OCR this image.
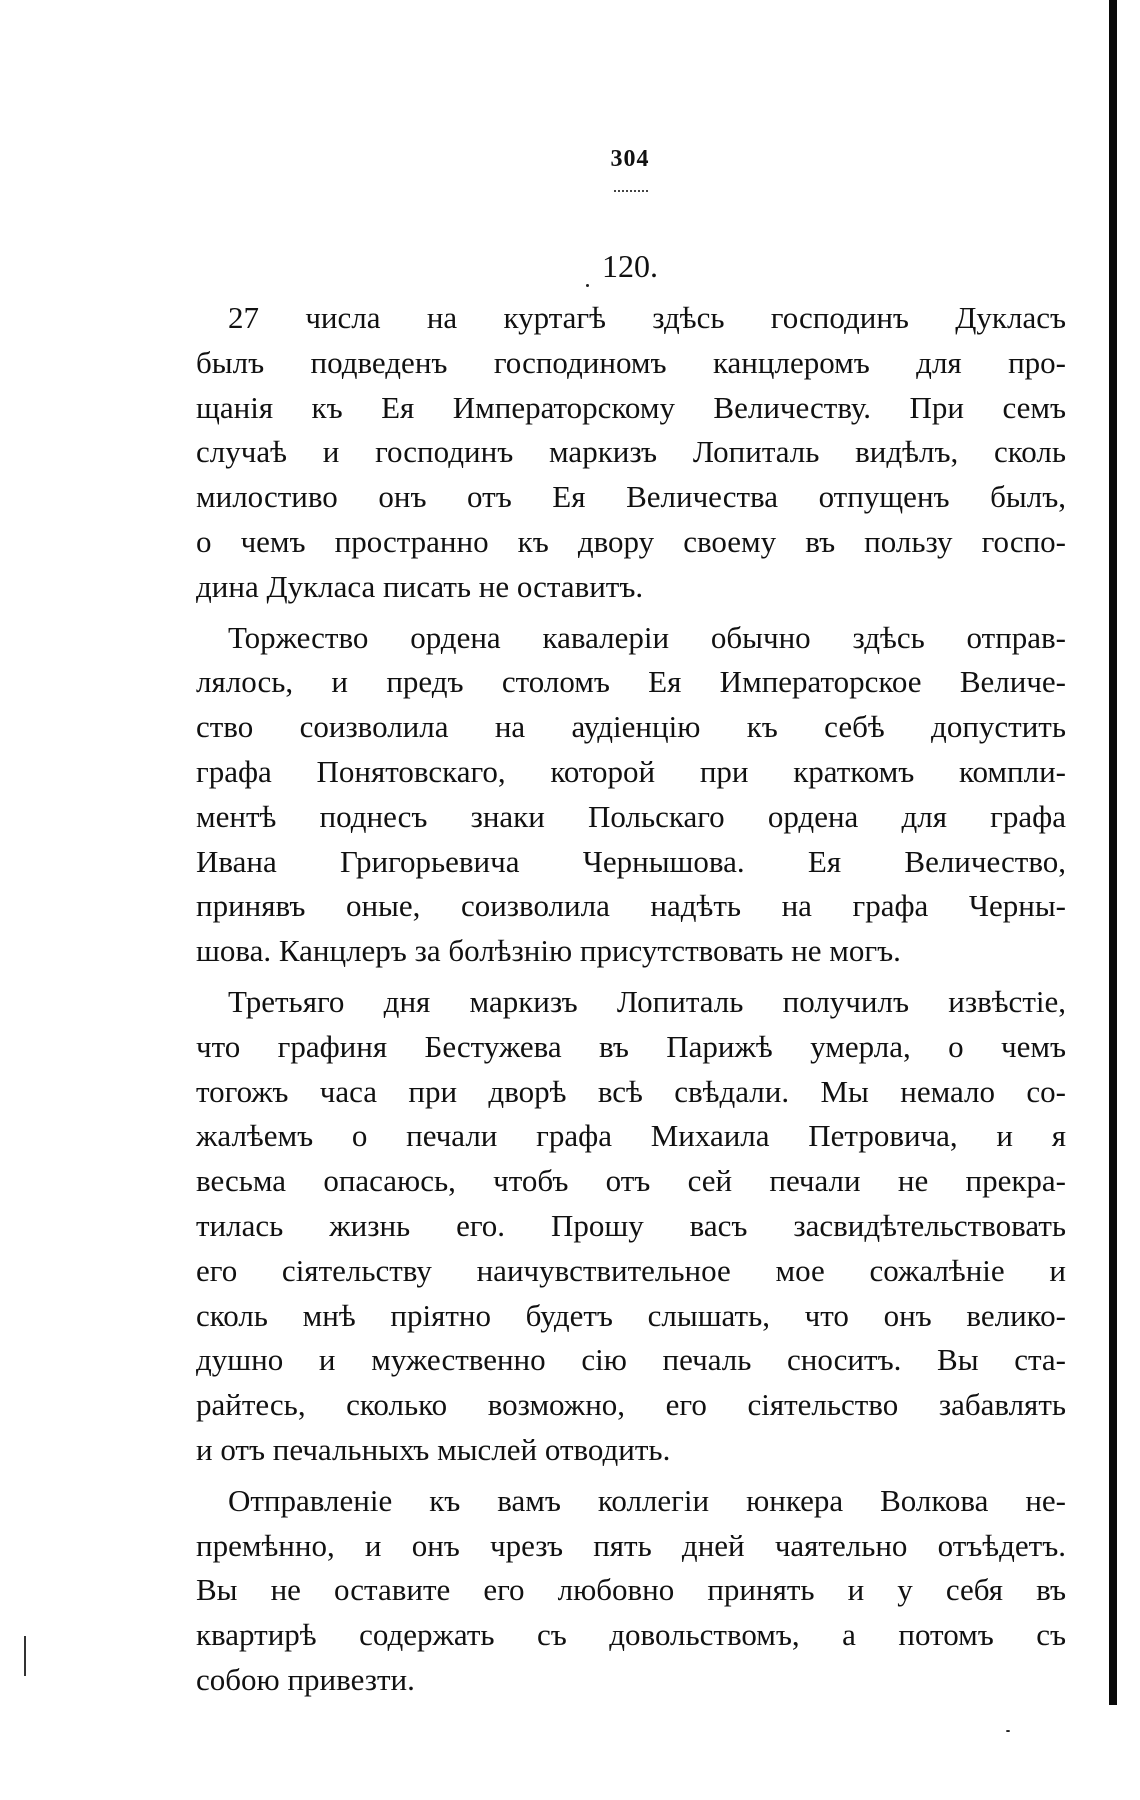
304
120.

27 числа на куртагѣ здѣсь господинъ Дукласъ
былъ подведенъ господиномъ канцлеромъ для про-
щанія къ Ея Императорскому Величеству. При семъ
случаѣ и господинъ маркизъ Лопиталь видѣлъ, сколь
милостиво онъ отъ Ея Величества отпущенъ былъ,
о чемъ пространно къ двору своему въ пользу госпо-
дина Дукласа писать не оставитъ.

Торжество ордена кавалеріи обычно здѣсь отправ-
лялось, и предъ столомъ Ея Императорское Величе-
ство соизволила на аудіенцію къ себѣ допустить
графа Понятовскаго, которой при краткомъ компли-
ментѣ поднесъ знаки Польскаго ордена для графа
Ивана Григорьевича Чернышова. Ея Величество,
принявъ оные, соизволила надѣть на графа Черны-
шова. Канцлеръ за болѣзнію присутствовать не могъ.

Третьяго дня маркизъ Лопиталь получилъ извѣстіе,
что графиня Бестужева въ Парижѣ умерла, о чемъ
тогожъ часа при дворѣ всѣ свѣдали. Мы немало со-
жалѣемъ о печали графа Михаила Петровича, и я
весьма опасаюсь, чтобъ отъ сей печали не прекра-
тилась жизнь его. Прошу васъ засвидѣтельствовать
его сіятельству наичувствительное мое сожалѣніе и
сколь мнѣ пріятно будетъ слышать, что онъ велико-
душно и мужественно сію печаль сноситъ. Вы ста-
райтесь, сколько возможно, его сіятельство забавлять
и отъ печальныхъ мыслей отводить.

Отправленіе къ вамъ коллегіи юнкера Волкова не-
премѣнно, и онъ чрезъ пять дней чаятельно отъѣдетъ.
Вы не оставите его любовно принять и у себя въ
квартирѣ содержать съ довольствомъ, а потомъ съ
собою привезти.
